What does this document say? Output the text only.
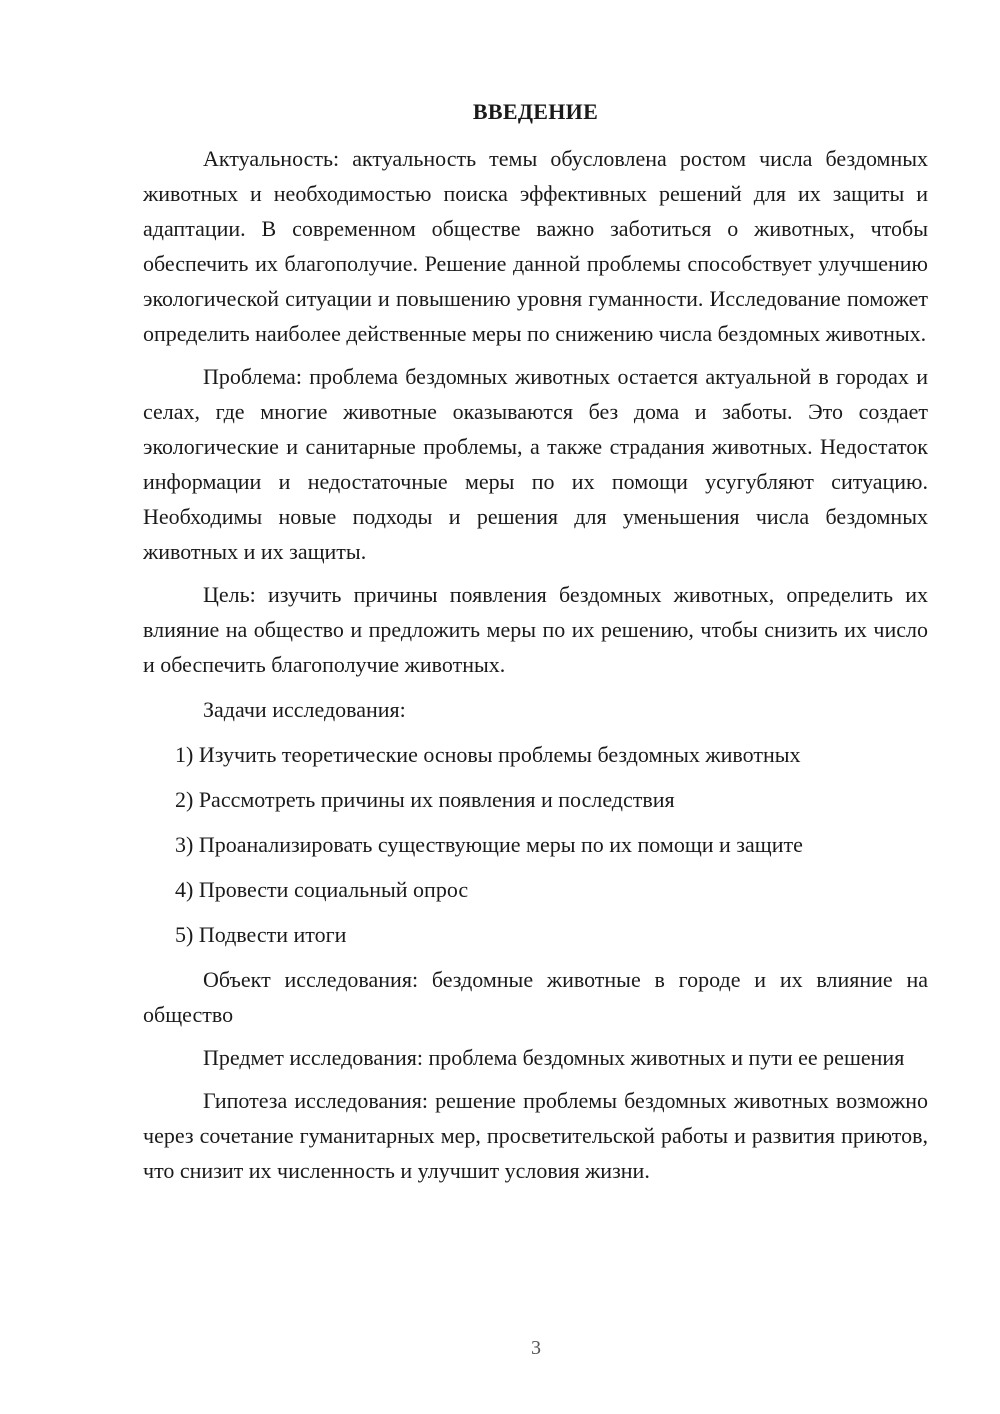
ВВЕДЕНИЕ

Актуальность: актуальность темы обусловлена ростом числа бездомных животных и необходимостью поиска эффективных решений для их защиты и адаптации. В современном обществе важно заботиться о животных, чтобы обеспечить их благополучие. Решение данной проблемы способствует улучшению экологической ситуации и повышению уровня гуманности. Исследование поможет определить наиболее действенные меры по снижению числа бездомных животных.

Проблема: проблема бездомных животных остается актуальной в городах и селах, где многие животные оказываются без дома и заботы. Это создает экологические и санитарные проблемы, а также страдания животных. Недостаток информации и недостаточные меры по их помощи усугубляют ситуацию. Необходимы новые подходы и решения для уменьшения числа бездомных животных и их защиты.

Цель: изучить причины появления бездомных животных, определить их влияние на общество и предложить меры по их решению, чтобы снизить их число и обеспечить благополучие животных.

Задачи исследования:

1) Изучить теоретические основы проблемы бездомных животных
2) Рассмотреть причины их появления и последствия
3) Проанализировать существующие меры по их помощи и защите
4) Провести социальный опрос
5) Подвести итоги

Объект исследования: бездомные животные в городе и их влияние на общество

Предмет исследования: проблема бездомных животных и пути ее решения

Гипотеза исследования: решение проблемы бездомных животных возможно через сочетание гуманитарных мер, просветительской работы и развития приютов, что снизит их численность и улучшит условия жизни.

3
